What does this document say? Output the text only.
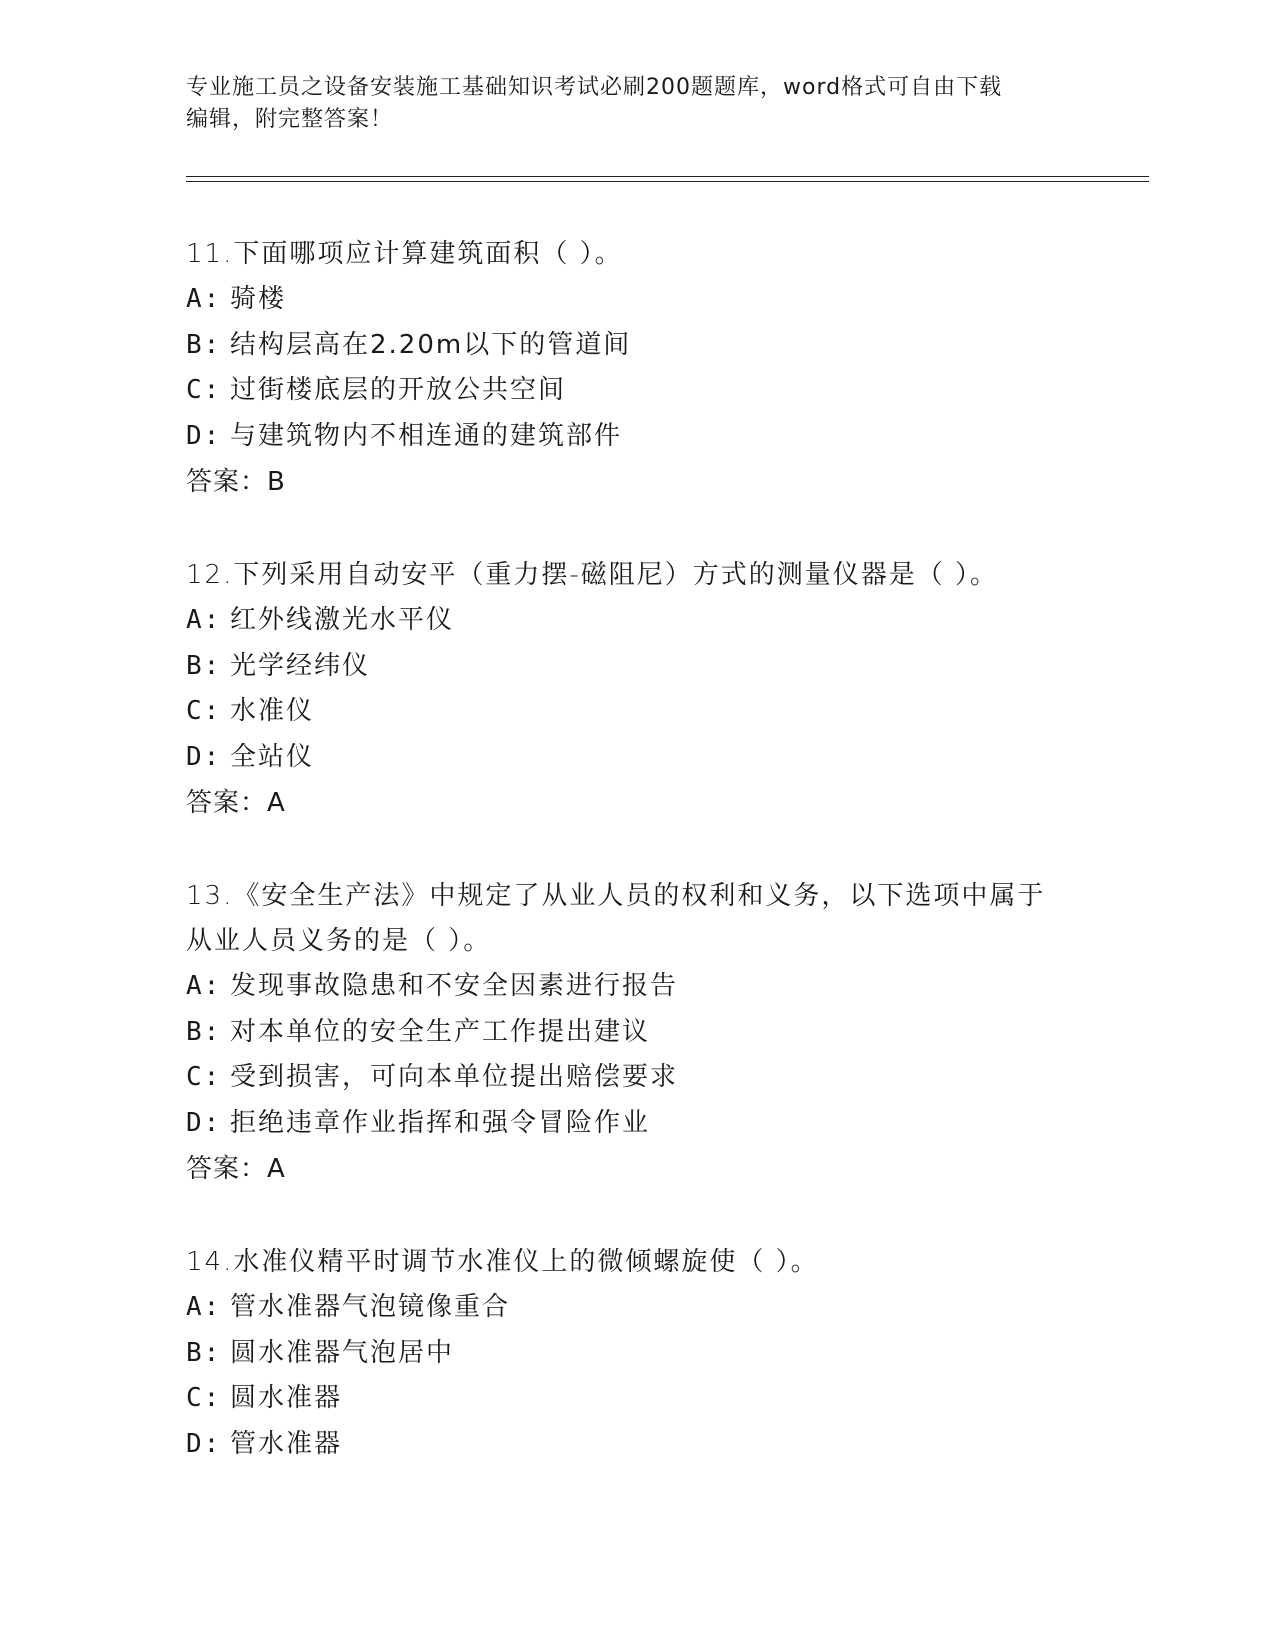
专业施工员之设备安装施工基础知识考试必刷200题题库，word格式可自由下载
编辑，附完整答案！
11.下面哪项应计算建筑面积（ ）。
A: 骑楼
B: 结构层高在2.20m以下的管道间
C: 过街楼底层的开放公共空间
D: 与建筑物内不相连通的建筑部件
答案：B
12.下列采用自动安平（重力摆-磁阻尼）方式的测量仪器是（ ）。
A: 红外线激光水平仪
B: 光学经纬仪
C: 水准仪
D: 全站仪
答案：A
13.《安全生产法》中规定了从业人员的权利和义务，以下选项中属于
从业人员义务的是（ ）。
A: 发现事故隐患和不安全因素进行报告
B: 对本单位的安全生产工作提出建议
C: 受到损害，可向本单位提出赔偿要求
D: 拒绝违章作业指挥和强令冒险作业
答案：A
14.水准仪精平时调节水准仪上的微倾螺旋使（ ）。
A: 管水准器气泡镜像重合
B: 圆水准器气泡居中
C: 圆水准器
D: 管水准器
